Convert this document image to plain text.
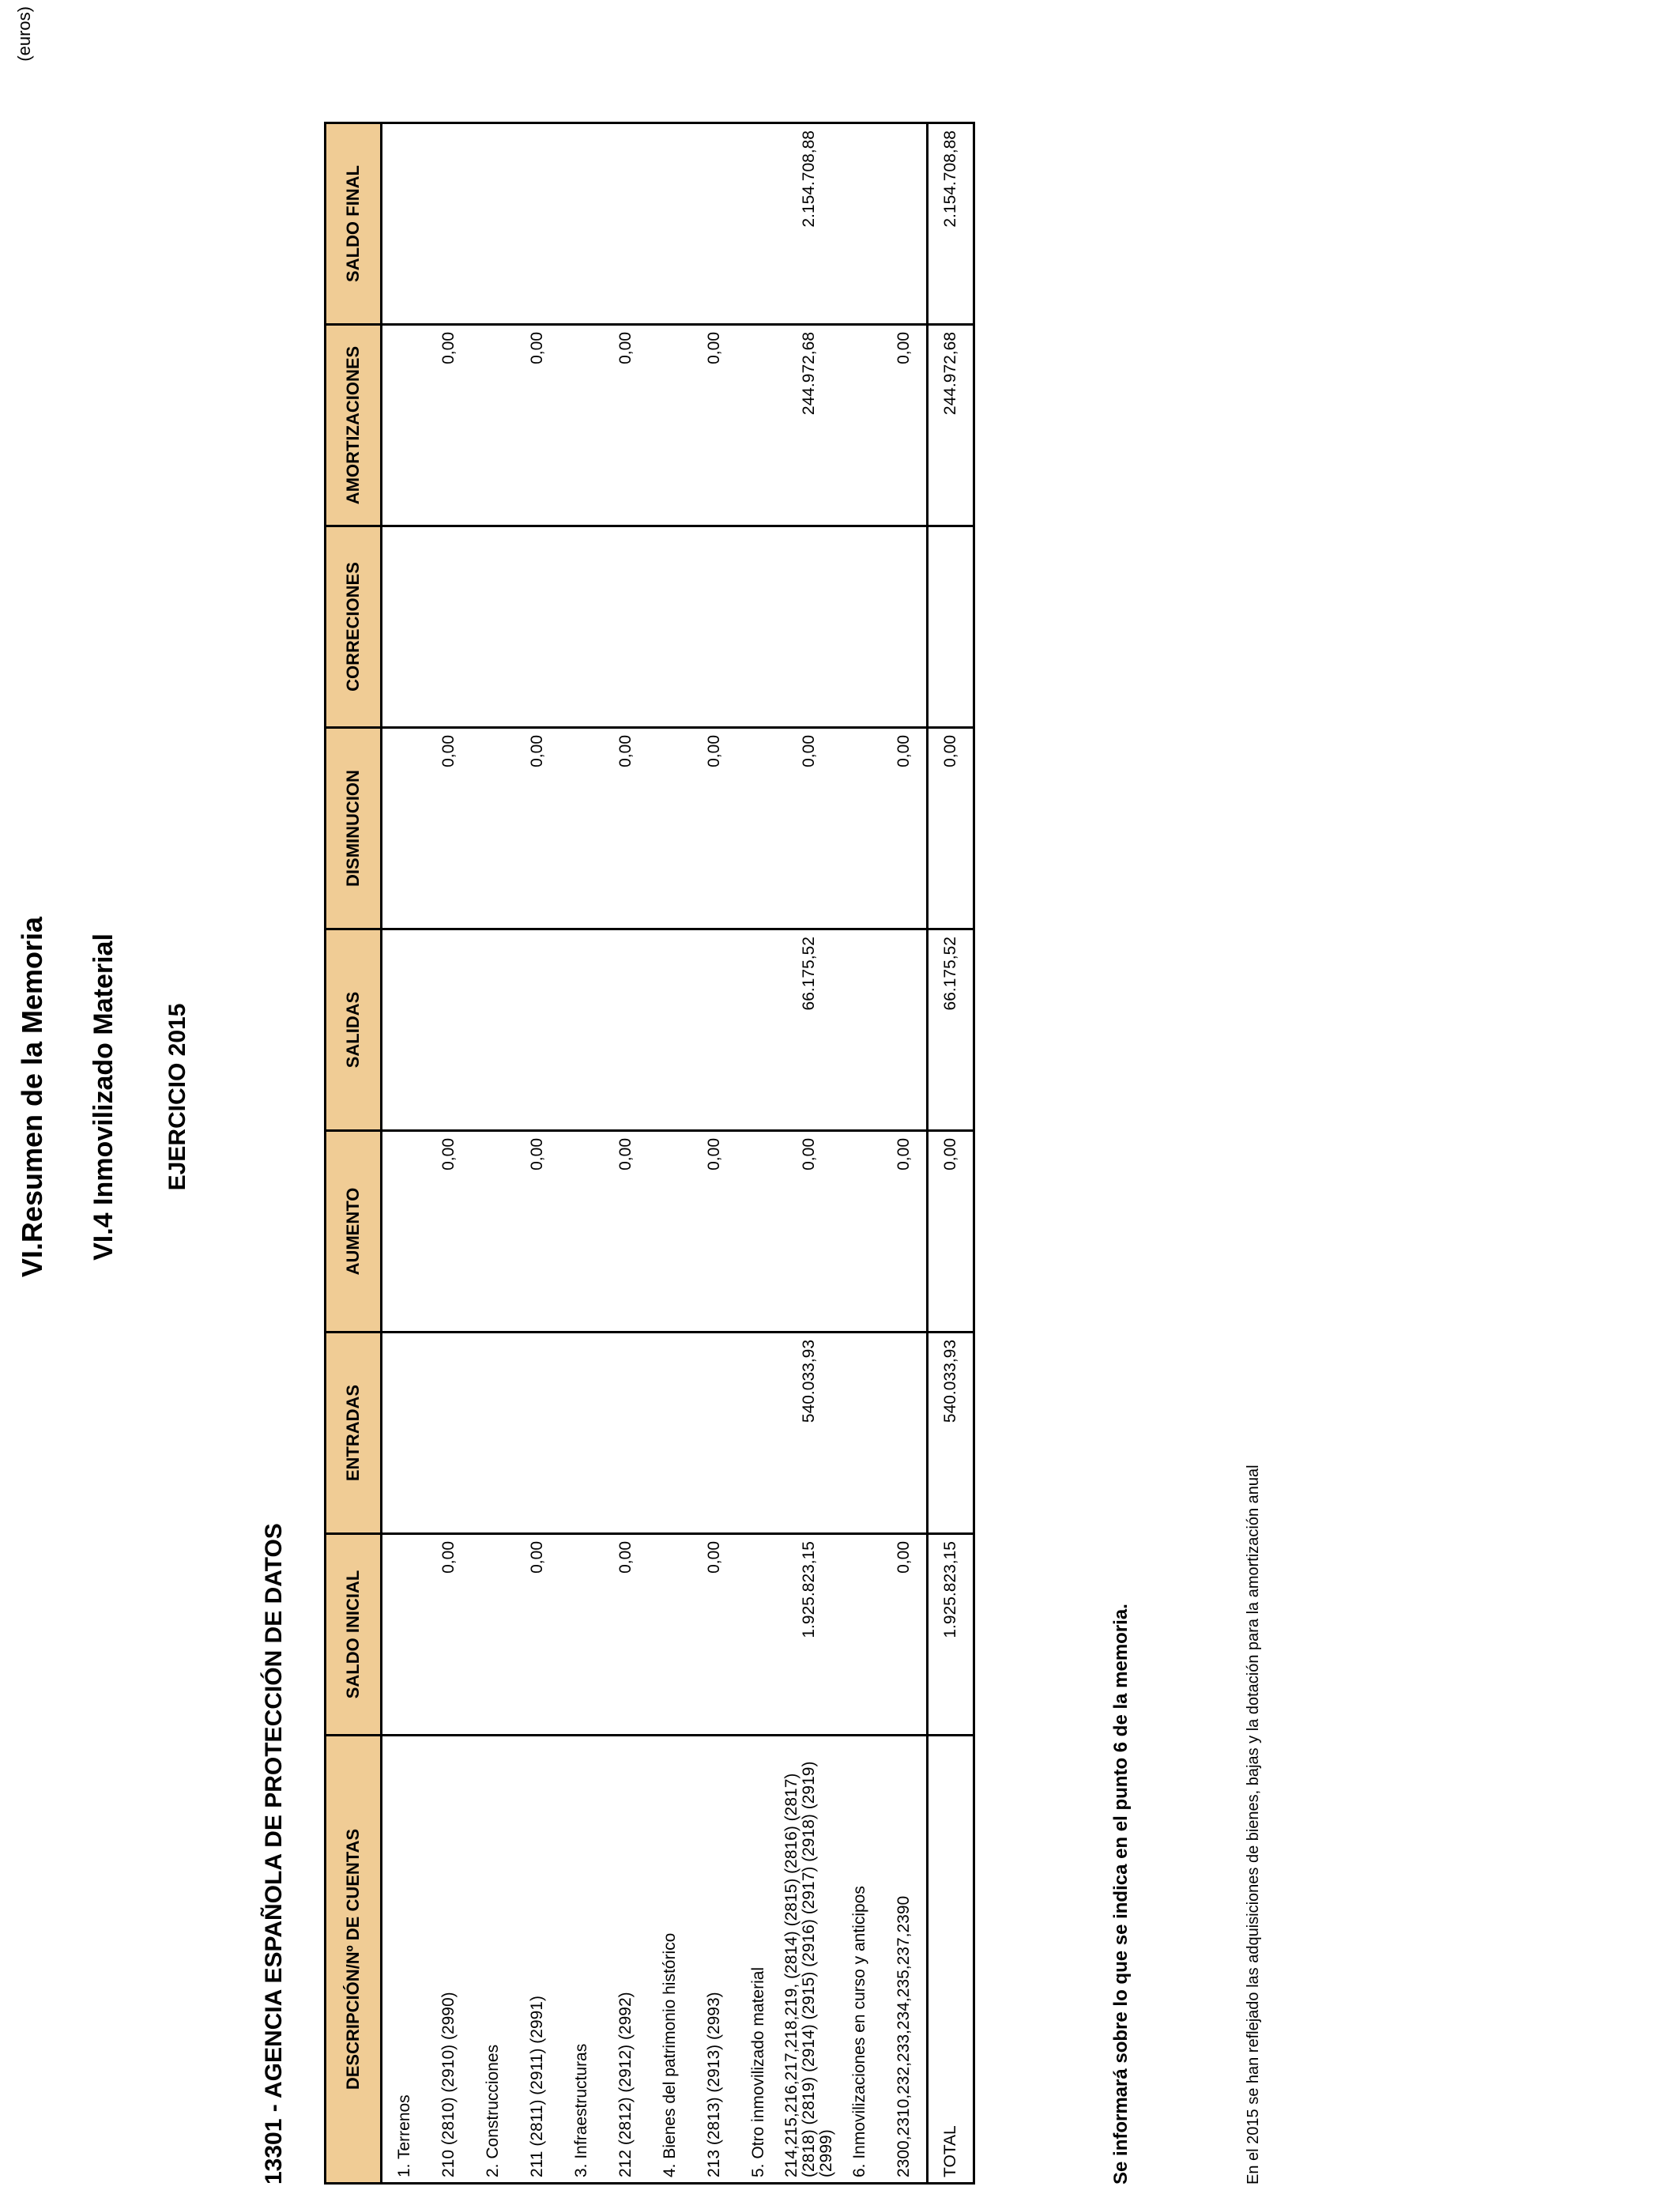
VI.Resumen de la Memoria VI.4 Inmovilizado Material EJERCICIO 2015
(euros)
13301 - AGENCIA ESPAÑOLA DE PROTECCIÓN DE DATOS	DESCRIPCIÓN/Nº DE CUENTAS	SALDO INICIAL	ENTRADAS	AUMENTO	SALIDAS	DISMINUCION	CORRECIONES	AMORTIZACIONES	SALDO FINAL
1. Terrenos								
210 (2810) (2910) (2990)	0,00		0,00		0,00		0,00	
2. Construcciones								
211 (2811) (2911) (2991)	0,00		0,00		0,00		0,00	
3. Infraestructuras								
212 (2812) (2912) (2992)	0,00		0,00		0,00		0,00	
4. Bienes del patrimonio histórico								
213 (2813) (2913) (2993)	0,00		0,00		0,00		0,00	
5. Otro inmovilizado material								
214,215,216,217,218,219, (2814) (2815) (2816) (2817) (2818) (2819) (2914) (2915) (2916) (2917) (2918) (2919) (2999)	1.925.823,15	540.033,93	0,00	66.175,52	0,00		244.972,68	2.154.708,88
6. Inmovilizaciones en curso y anticipos								
2300,2310,232,233,234,235,237,2390	0,00		0,00		0,00		0,00	
TOTAL	1.925.823,15	540.033,93	0,00	66.175,52	0,00		244.972,68	2.154.708,88
Se informará sobre lo que se indica en el punto 6 de la memoria.	En el 2015 se han reflejado las adquisiciones de bienes, bajas y la dotación para la amortización anual
